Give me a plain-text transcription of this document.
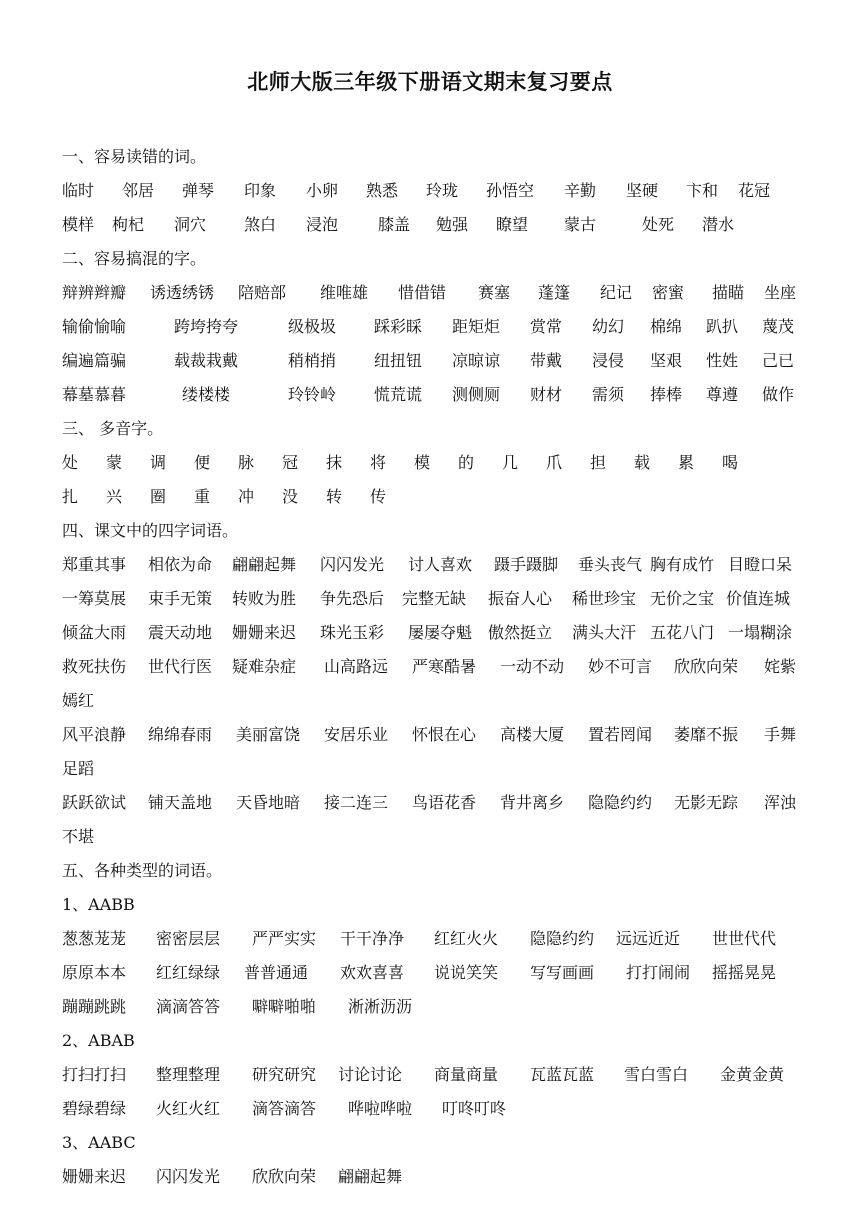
北师大版三年级下册语文期末复习要点
一、容易读错的词。
临时 邻居 弹琴 印象 小卵 熟悉 玲珑 孙悟空 辛勤 坚硬 卞和 花冠
模样 枸杞 洞穴 煞白 浸泡 膝盖 勉强 瞭望 蒙古	处死 潜水
二、容易搞混的字。
辩辨辫瓣 诱透绣锈 陪赔部 维唯雄 惜借错 赛塞 蓬篷 纪记 密蜜 描瞄 坐座
输偷愉喻	跨垮挎夸	级极圾 踩彩睬 距矩炬 赏常 幼幻 棉绵 趴扒 蔑茂
编遍篇骗	载裁栽戴	稍梢捎 纽扭钮 凉晾谅 带戴 浸侵 坚艰 性姓 己已
幕墓慕暮	缕楼楼	玲铃岭 慌荒谎 测侧厕 财材 需须 捧棒 尊遵 做作
三、 多音字。
处 蒙 调 便 脉 冠 抹 将 模 的 几 爪 担 载 累 喝
扎 兴 圈 重 冲 没 转 传
四、课文中的四字词语。
郑重其事 相依为命 翩翩起舞 闪闪发光 讨人喜欢 蹑手蹑脚 垂头丧气 胸有成竹 目瞪口呆
一筹莫展 束手无策 转败为胜 争先恐后 完整无缺 振奋人心 稀世珍宝 无价之宝 价值连城
倾盆大雨 震天动地 姗姗来迟 珠光玉彩 屡屡夺魁 傲然挺立 满头大汗 五花八门 一塌糊涂
救死扶伤 世代行医 疑难杂症 山高路远 严寒酷暑 一动不动 妙不可言 欣欣向荣 姹紫
嫣红
风平浪静 绵绵春雨 美丽富饶 安居乐业 怀恨在心 高楼大厦 置若罔闻 萎靡不振 手舞
足蹈
跃跃欲试 铺天盖地 天昏地暗 接二连三 鸟语花香 背井离乡 隐隐约约 无影无踪 浑浊
不堪
五、各种类型的词语。
1、AABB
葱葱茏茏 密密层层 严严实实 干干净净 红红火火 隐隐约约 远远近近 世世代代
原原本本 红红绿绿 普普通通 欢欢喜喜 说说笑笑 写写画画 打打闹闹 摇摇晃晃
蹦蹦跳跳 滴滴答答 噼噼啪啪 淅淅沥沥
2、ABAB
打扫打扫 整理整理 研究研究 讨论讨论 商量商量 瓦蓝瓦蓝 雪白雪白 金黄金黄
碧绿碧绿 火红火红 滴答滴答 哗啦哗啦 叮咚叮咚
3、AABC
姗姗来迟 闪闪发光 欣欣向荣 翩翩起舞
